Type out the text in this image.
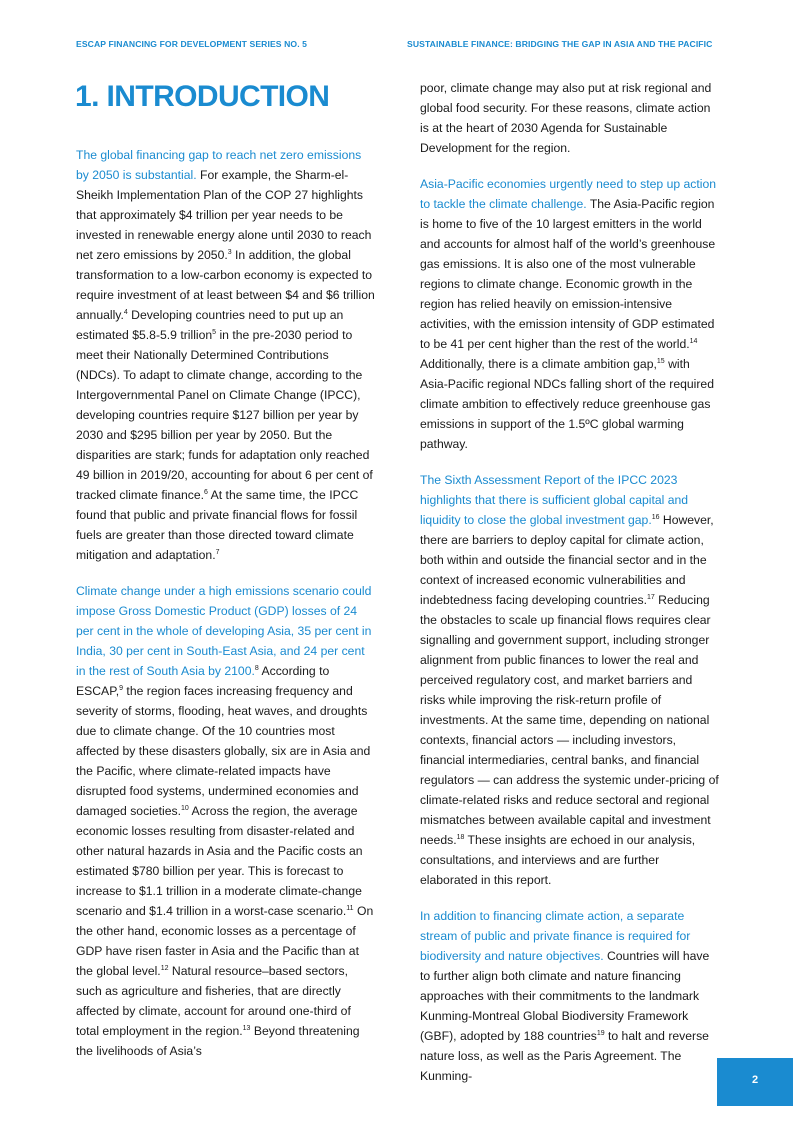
ESCAP FINANCING FOR DEVELOPMENT SERIES NO. 5	SUSTAINABLE FINANCE: BRIDGING THE GAP IN ASIA AND THE PACIFIC
1. INTRODUCTION

The global financing gap to reach net zero emissions by 2050 is substantial. For example, the Sharm-el-Sheikh Implementation Plan of the COP 27 highlights that approximately $4 trillion per year needs to be invested in renewable energy alone until 2030 to reach net zero emissions by 2050.$^3$ In addition, the global transformation to a low-carbon economy is expected to require investment of at least between $4 and $6 trillion annually.$^4$ Developing countries need to put up an estimated $5.8-5.9 trillion$^5$ in the pre-2030 period to meet their Nationally Determined Contributions (NDCs). To adapt to climate change, according to the Intergovernmental Panel on Climate Change (IPCC), developing countries require $127 billion per year by 2030 and $295 billion per year by 2050. But the disparities are stark; funds for adaptation only reached 49 billion in 2019/20, accounting for about 6 per cent of tracked climate finance.$^6$ At the same time, the IPCC found that public and private financial flows for fossil fuels are greater than those directed toward climate mitigation and adaptation.$^7$

Climate change under a high emissions scenario could impose Gross Domestic Product (GDP) losses of 24 per cent in the whole of developing Asia, 35 per cent in India, 30 per cent in South-East Asia, and 24 per cent in the rest of South Asia by 2100.$^8$ According to ESCAP,$^9$ the region faces increasing frequency and severity of storms, flooding, heat waves, and droughts due to climate change. Of the 10 countries most affected by these disasters globally, six are in Asia and the Pacific, where climate-related impacts have disrupted food systems, undermined economies and damaged societies.$^{10}$ Across the region, the average economic losses resulting from disaster-related and other natural hazards in Asia and the Pacific costs an estimated $780 billion per year. This is forecast to increase to $1.1 trillion in a moderate climate-change scenario and $1.4 trillion in a worst-case scenario.$^{11}$ On the other hand, economic losses as a percentage of GDP have risen faster in Asia and the Pacific than at the global level.$^{12}$ Natural resource–based sectors, such as agriculture and fisheries, that are directly affected by climate, account for around one-third of total employment in the region.$^{13}$ Beyond threatening the livelihoods of Asia’s

poor, climate change may also put at risk regional and global food security. For these reasons, climate action is at the heart of 2030 Agenda for Sustainable Development for the region.

Asia-Pacific economies urgently need to step up action to tackle the climate challenge. The Asia-Pacific region is home to five of the 10 largest emitters in the world and accounts for almost half of the world’s greenhouse gas emissions. It is also one of the most vulnerable regions to climate change. Economic growth in the region has relied heavily on emission-intensive activities, with the emission intensity of GDP estimated to be 41 per cent higher than the rest of the world.$^{14}$ Additionally, there is a climate ambition gap,$^{15}$ with Asia-Pacific regional NDCs falling short of the required climate ambition to effectively reduce greenhouse gas emissions in support of the 1.5ºC global warming pathway.

The Sixth Assessment Report of the IPCC 2023 highlights that there is sufficient global capital and liquidity to close the global investment gap.$^{16}$ However, there are barriers to deploy capital for climate action, both within and outside the financial sector and in the context of increased economic vulnerabilities and indebtedness facing developing countries.$^{17}$ Reducing the obstacles to scale up financial flows requires clear signalling and government support, including stronger alignment from public finances to lower the real and perceived regulatory cost, and market barriers and risks while improving the risk-return profile of investments. At the same time, depending on national contexts, financial actors — including investors, financial intermediaries, central banks, and financial regulators — can address the systemic under-pricing of climate-related risks and reduce sectoral and regional mismatches between available capital and investment needs.$^{18}$ These insights are echoed in our analysis, consultations, and interviews and are further elaborated in this report.

In addition to financing climate action, a separate stream of public and private finance is required for biodiversity and nature objectives. Countries will have to further align both climate and nature financing approaches with their commitments to the landmark Kunming-Montreal Global Biodiversity Framework (GBF), adopted by 188 countries$^{19}$ to halt and reverse nature loss, as well as the Paris Agreement. The Kunming-	2
